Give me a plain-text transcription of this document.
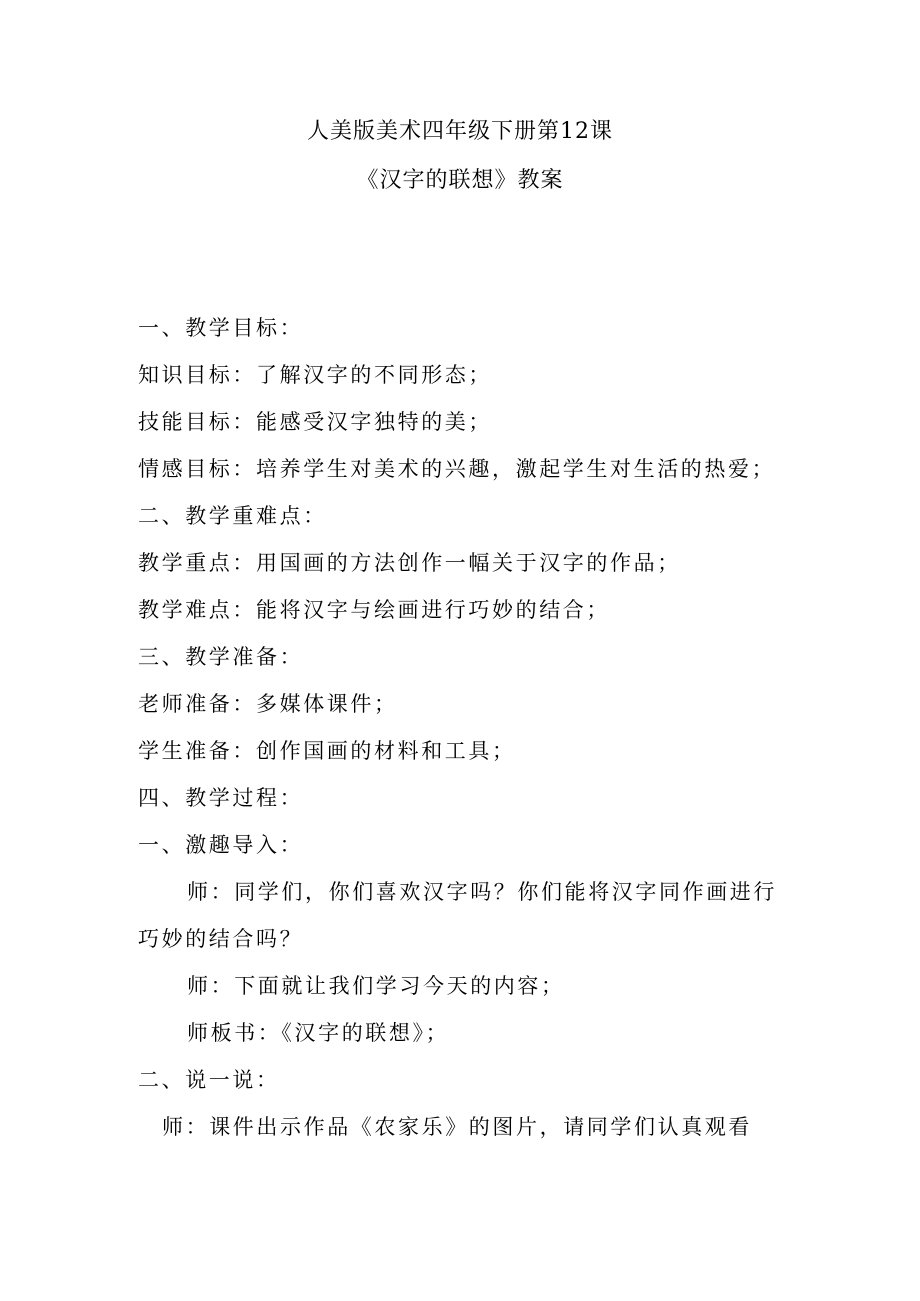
人美版美术四年级下册第12课
《汉字的联想》教案
一、教学目标：
知识目标：了解汉字的不同形态；
技能目标：能感受汉字独特的美；
情感目标：培养学生对美术的兴趣，激起学生对生活的热爱；
二、教学重难点：
教学重点：用国画的方法创作一幅关于汉字的作品；
教学难点：能将汉字与绘画进行巧妙的结合；
三、教学准备：
老师准备：多媒体课件；
学生准备：创作国画的材料和工具；
四、教学过程：
一、激趣导入：
师：同学们，你们喜欢汉字吗？你们能将汉字同作画进行
巧妙的结合吗？
师：下面就让我们学习今天的内容；
师板书：《汉字的联想》；
二、说一说：
师：课件出示作品《农家乐》的图片，请同学们认真观看
